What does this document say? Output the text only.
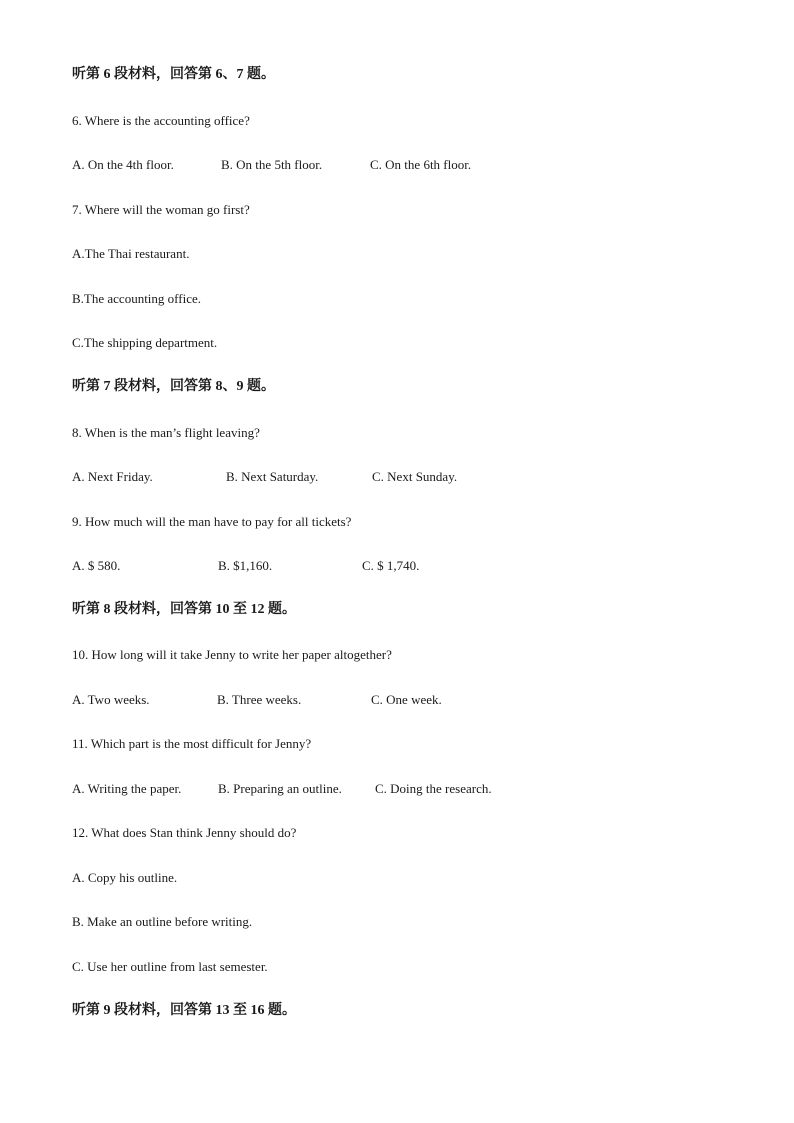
听第 6 段材料，回答第 6、7 题。
6. Where is the accounting office?
A. On the 4th floor.	B. On the 5th floor.	C. On the 6th floor.
7. Where will the woman go first?
A.The Thai restaurant.
B.The accounting office.
C.The shipping department.
听第 7 段材料，回答第 8、9 题。
8. When is the man’s flight leaving?
A. Next Friday.	B. Next Saturday.	C. Next Sunday.
9. How much will the man have to pay for all tickets?
A. $ 580.	B. $1,160.	C. $ 1,740.
听第 8 段材料，回答第 10 至 12 题。
10. How long will it take Jenny to write her paper altogether?
A. Two weeks.	B. Three weeks.	C. One week.
11. Which part is the most difficult for Jenny?
A. Writing the paper.	B. Preparing an outline.	C. Doing the research.
12. What does Stan think Jenny should do?
A. Copy his outline.
B. Make an outline before writing.
C. Use her outline from last semester.
听第 9 段材料，回答第 13 至 16 题。
